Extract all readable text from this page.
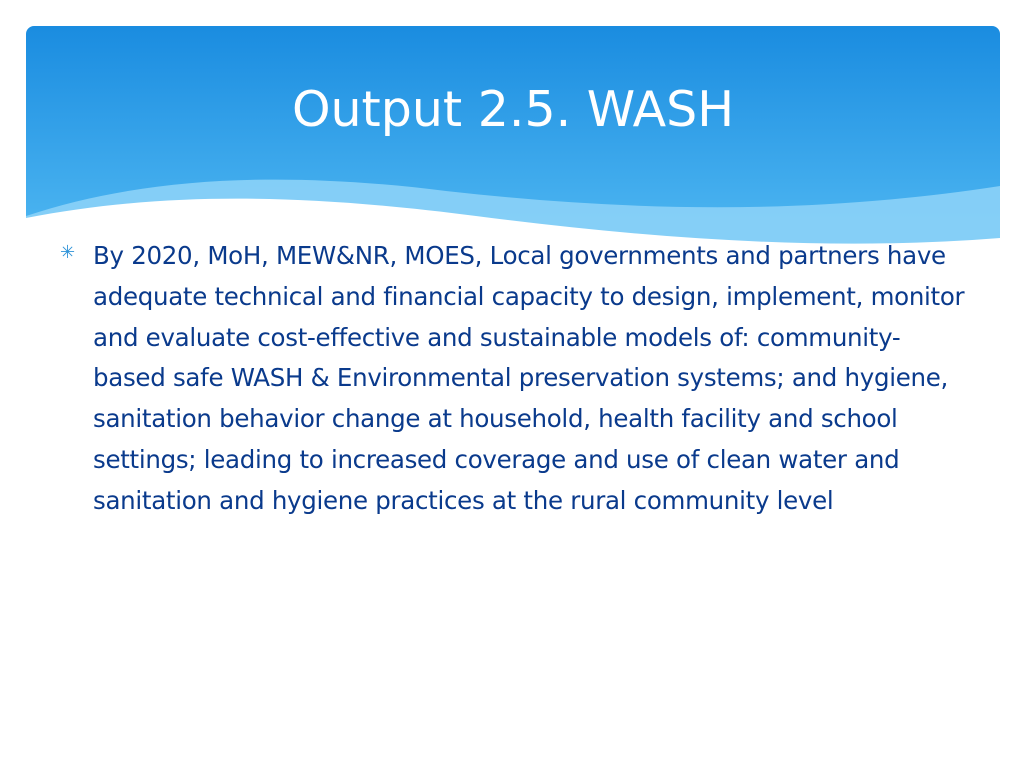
Output 2.5. WASH
✳ By 2020, MoH, MEW&NR, MOES, Local governments and partners have adequate technical and financial capacity to design, implement, monitor and evaluate cost-effective and sustainable models of: community-based safe WASH & Environmental preservation systems; and hygiene, sanitation behavior change at household, health facility and school settings; leading to increased coverage and use of clean water and sanitation and hygiene practices at the rural community level
